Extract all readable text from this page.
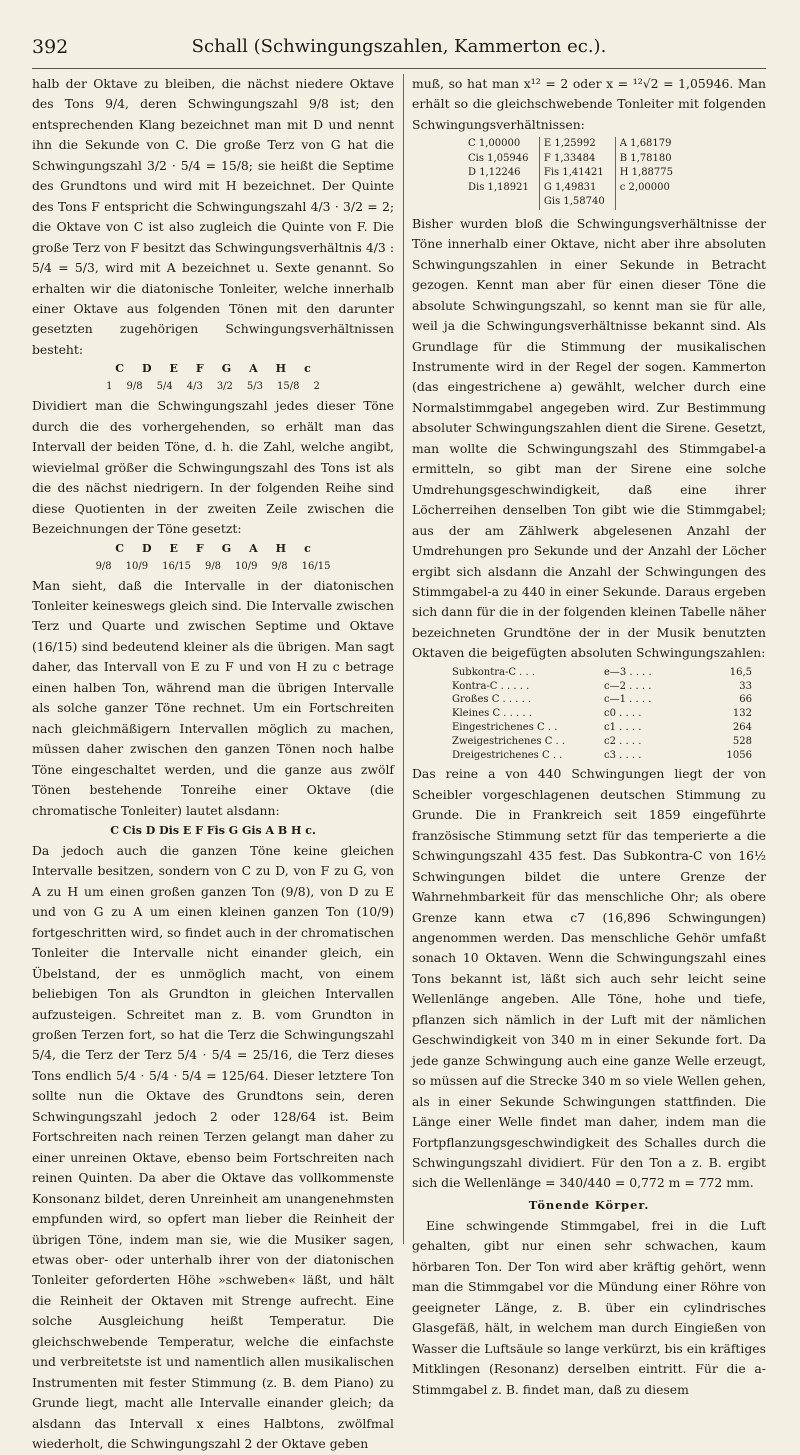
392	Schall (Schwingungszahlen, Kammerton ec.).

halb der Oktave zu bleiben, die nächst niedere Oktave des Tons 9/4, deren Schwingungszahl 9/8 ist; den entsprechenden Klang bezeichnet man mit D und nennt ihn die Sekunde von C. Die große Terz von G hat die Schwingungszahl 3/2 · 5/4 = 15/8; sie heißt die Septime des Grundtons und wird mit H bezeichnet. Der Quinte des Tons F entspricht die Schwingungszahl 4/3 · 3/2 = 2; die Oktave von C ist also zugleich die Quinte von F. Die große Terz von F besitzt das Schwingungsverhältnis 4/3 : 5/4 = 5/3, wird mit A bezeichnet u. Sexte genannt. So erhalten wir die diatonische Tonleiter, welche innerhalb einer Oktave aus folgenden Tönen mit den darunter gesetzten zugehörigen Schwingungsverhältnissen besteht:

C D E F G A H c
1 9/8 5/4 4/3 3/2 5/3 15/8 2

Dividiert man die Schwingungszahl jedes dieser Töne durch die des vorhergehenden, so erhält man das Intervall der beiden Töne, d. h. die Zahl, welche angibt, wievielmal größer die Schwingungszahl des Tons ist als die des nächst niedrigern. In der folgenden Reihe sind diese Quotienten in der zweiten Zeile zwischen die Bezeichnungen der Töne gesetzt:

C D E F G A H c
9/8 10/9 16/15 9/8 10/9 9/8 16/15

Man sieht, daß die Intervalle in der diatonischen Tonleiter keineswegs gleich sind. Die Intervalle zwischen Terz und Quarte und zwischen Septime und Oktave (16/15) sind bedeutend kleiner als die übrigen. Man sagt daher, das Intervall von E zu F und von H zu c betrage einen halben Ton, während man die übrigen Intervalle als solche ganzer Töne rechnet. Um ein Fortschreiten nach gleichmäßigern Intervallen möglich zu machen, müssen daher zwischen den ganzen Tönen noch halbe Töne eingeschaltet werden, und die ganze aus zwölf Tönen bestehende Tonreihe einer Oktave (die chromatische Tonleiter) lautet alsdann:

C Cis D Dis E F Fis G Gis A B H c.

Da jedoch auch die ganzen Töne keine gleichen Intervalle besitzen, sondern von C zu D, von F zu G, von A zu H um einen großen ganzen Ton (9/8), von D zu E und von G zu A um einen kleinen ganzen Ton (10/9) fortgeschritten wird, so findet auch in der chromatischen Tonleiter die Intervalle nicht einander gleich, ein Übelstand, der es unmöglich macht, von einem beliebigen Ton als Grundton in gleichen Intervallen aufzusteigen. Schreitet man z. B. vom Grundton in großen Terzen fort, so hat die Terz die Schwingungszahl 5/4, die Terz der Terz 5/4 · 5/4 = 25/16, die Terz dieses Tons endlich 5/4 · 5/4 · 5/4 = 125/64. Dieser letztere Ton sollte nun die Oktave des Grundtons sein, deren Schwingungszahl jedoch 2 oder 128/64 ist. Beim Fortschreiten nach reinen Terzen gelangt man daher zu einer unreinen Oktave, ebenso beim Fortschreiten nach reinen Quinten. Da aber die Oktave das vollkommenste Konsonanz bildet, deren Unreinheit am unangenehmsten empfunden wird, so opfert man lieber die Reinheit der übrigen Töne, indem man sie, wie die Musiker sagen, etwas ober- oder unterhalb ihrer von der diatonischen Tonleiter geforderten Höhe »schweben« läßt, und hält die Reinheit der Oktaven mit Strenge aufrecht. Eine solche Ausgleichung heißt Temperatur. Die gleichschwebende Temperatur, welche die einfachste und verbreitetste ist und namentlich allen musikalischen Instrumenten mit fester Stimmung (z. B. dem Piano) zu Grunde liegt, macht alle Intervalle einander gleich; da alsdann das Intervall x eines Halbtons, zwölfmal wiederholt, die Schwingungszahl 2 der Oktave geben

muß, so hat man x¹² = 2 oder x = ¹²√2 = 1,05946. Man erhält so die gleichschwebende Tonleiter mit folgenden Schwingungsverhältnissen:

C 1,00000	E 1,25992	A 1,68179
Cis 1,05946	F 1,33484	B 1,78180
D 1,12246	Fis 1,41421	H 1,88775
Dis 1,18921	G 1,49831	c 2,00000
	Gis 1,58740	

Bisher wurden bloß die Schwingungsverhältnisse der Töne innerhalb einer Oktave, nicht aber ihre absoluten Schwingungszahlen in einer Sekunde in Betracht gezogen. Kennt man aber für einen dieser Töne die absolute Schwingungszahl, so kennt man sie für alle, weil ja die Schwingungsverhältnisse bekannt sind. Als Grundlage für die Stimmung der musikalischen Instrumente wird in der Regel der sogen. Kammerton (das eingestrichene a) gewählt, welcher durch eine Normalstimmgabel angegeben wird. Zur Bestimmung absoluter Schwingungszahlen dient die Sirene. Gesetzt, man wollte die Schwingungszahl des Stimmgabel-a ermitteln, so gibt man der Sirene eine solche Umdrehungsgeschwindigkeit, daß eine ihrer Löcherreihen denselben Ton gibt wie die Stimmgabel; aus der am Zählwerk abgelesenen Anzahl der Umdrehungen pro Sekunde und der Anzahl der Löcher ergibt sich alsdann die Anzahl der Schwingungen des Stimmgabel-a zu 440 in einer Sekunde. Daraus ergeben sich dann für die in der folgenden kleinen Tabelle näher bezeichneten Grundtöne der in der Musik benutzten Oktaven die beigefügten absoluten Schwingungszahlen:

Subkontra-C . . .	e—3 . . . .	16,5
Kontra-C . . . . .	c—2 . . . .	33
Großes C . . . . .	c—1 . . . .	66
Kleines C . . . . .	c0 . . . .	132
Eingestrichenes C . .	c1 . . . .	264
Zweigestrichenes C . .	c2 . . . .	528
Dreigestrichenes C . .	c3 . . . .	1056

Das reine a von 440 Schwingungen liegt der von Scheibler vorgeschlagenen deutschen Stimmung zu Grunde. Die in Frankreich seit 1859 eingeführte französische Stimmung setzt für das temperierte a die Schwingungszahl 435 fest. Das Subkontra-C von 16½ Schwingungen bildet die untere Grenze der Wahrnehmbarkeit für das menschliche Ohr; als obere Grenze kann etwa c7 (16,896 Schwingungen) angenommen werden. Das menschliche Gehör umfaßt sonach 10 Oktaven. Wenn die Schwingungszahl eines Tons bekannt ist, läßt sich auch sehr leicht seine Wellenlänge angeben. Alle Töne, hohe und tiefe, pflanzen sich nämlich in der Luft mit der nämlichen Geschwindigkeit von 340 m in einer Sekunde fort. Da jede ganze Schwingung auch eine ganze Welle erzeugt, so müssen auf die Strecke 340 m so viele Wellen gehen, als in einer Sekunde Schwingungen stattfinden. Die Länge einer Welle findet man daher, indem man die Fortpflanzungsgeschwindigkeit des Schalles durch die Schwingungszahl dividiert. Für den Ton a z. B. ergibt sich die Wellenlänge = 340/440 = 0,772 m = 772 mm.

Tönende Körper.

Eine schwingende Stimmgabel, frei in die Luft gehalten, gibt nur einen sehr schwachen, kaum hörbaren Ton. Der Ton wird aber kräftig gehört, wenn man die Stimmgabel vor die Mündung einer Röhre von geeigneter Länge, z. B. über ein cylindrisches Glasgefäß, hält, in welchem man durch Eingießen von Wasser die Luftsäule so lange verkürzt, bis ein kräftiges Mitklingen (Resonanz) derselben eintritt. Für die a-Stimmgabel z. B. findet man, daß zu diesem
